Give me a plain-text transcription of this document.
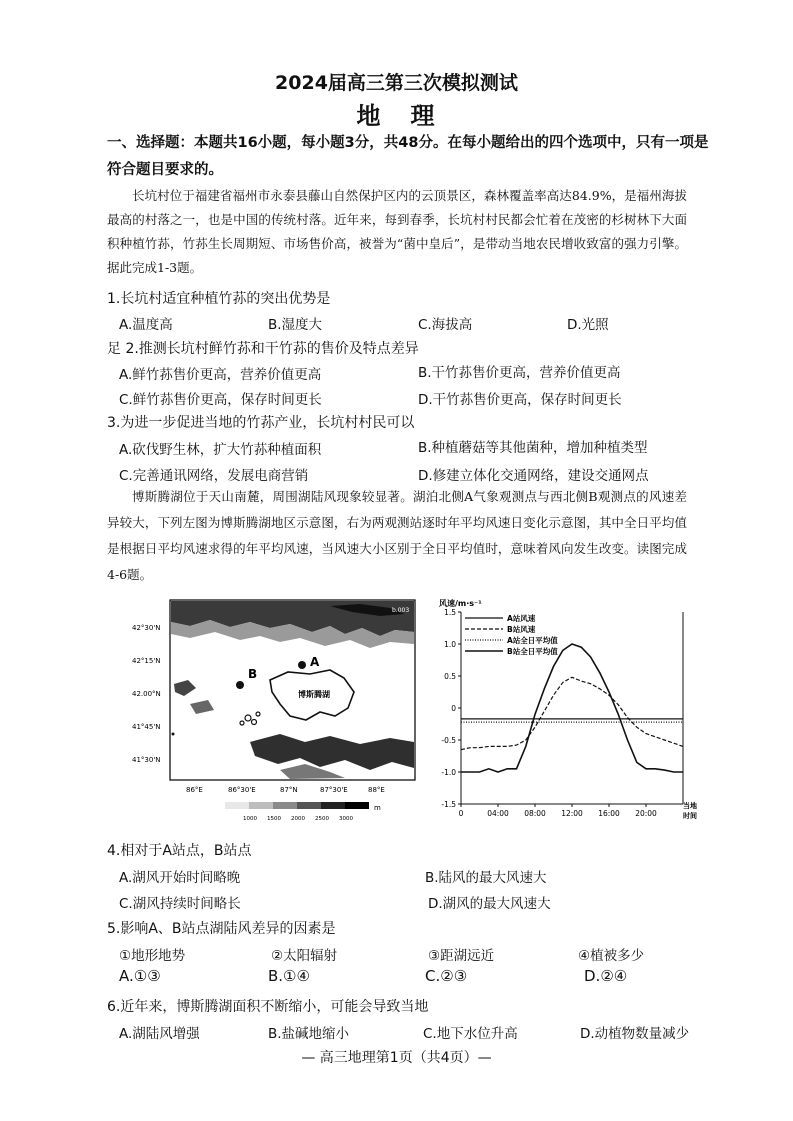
2024届高三第三次模拟测试
地 理
一、选择题：本题共16小题，每小题3分，共48分。在每小题给出的四个选项中，只有一项是
符合题目要求的。
长坑村位于福建省福州市永泰县藤山自然保护区内的云顶景区，森林覆盖率高达84.9%，是福州海拔最高的村落之一，也是中国的传统村落。近年来，每到春季，长坑村村民都会忙着在茂密的杉树林下大面积种植竹荪，竹荪生长周期短、市场售价高，被誉为“菌中皇后”，是带动当地农民增收致富的强力引擎。据此完成1-3题。
1.长坑村适宜种植竹荪的突出优势是
A.温度高	B.湿度大	C.海拔高	D.光照
足 2.推测长坑村鲜竹荪和干竹荪的售价及特点差异
A.鲜竹荪售价更高，营养价值更高	B.干竹荪售价更高，营养价值更高
C.鲜竹荪售价更高，保存时间更长	D.干竹荪售价更高，保存时间更长
3.为进一步促进当地的竹荪产业，长坑村村民可以
A.砍伐野生林，扩大竹荪种植面积	B.种植蘑菇等其他菌种，增加种植类型
C.完善通讯网络，发展电商营销	D.修建立体化交通网络，建设交通网点
博斯腾湖位于天山南麓，周围湖陆风现象较显著。湖泊北侧A气象观测点与西北侧B观测点的风速差异较大，下列左图为博斯腾湖地区示意图，右为两观测站逐时年平均风速日变化示意图，其中全日平均值是根据日平均风速求得的年平均风速，当风速大小区别于全日平均值时，意味着风向发生改变。读图完成4-6题。
博斯腾湖
A
B
b.003
42°30'N
42°15'N
42.00°N
41°45'N
41°30'N
86°E	86°30'E	87°N	87°30'E	88°E
1000 1500 2000 2500 3000
m
风速/m·s⁻¹
当地
时间
A站风速
B站风速
A站全日平均值
B站全日平均值
1.5
1.0
0.5
0
-0.5
-1.0
-1.5
0	04:00 08:00 12:00 16:00 20:00
4.相对于A站点，B站点
A.湖风开始时间略晚	B.陆风的最大风速大
C.湖风持续时间略长	D.湖风的最大风速大
5.影响A、B站点湖陆风差异的因素是
①地形地势	②太阳辐射	③距湖远近	④植被多少
A.①③	B.①④	C.②③	D.②④
6.近年来，博斯腾湖面积不断缩小，可能会导致当地
A.湖陆风增强	B.盐碱地缩小	C.地下水位升高	D.动植物数量减少
— 高三地理第1页（共4页）—
